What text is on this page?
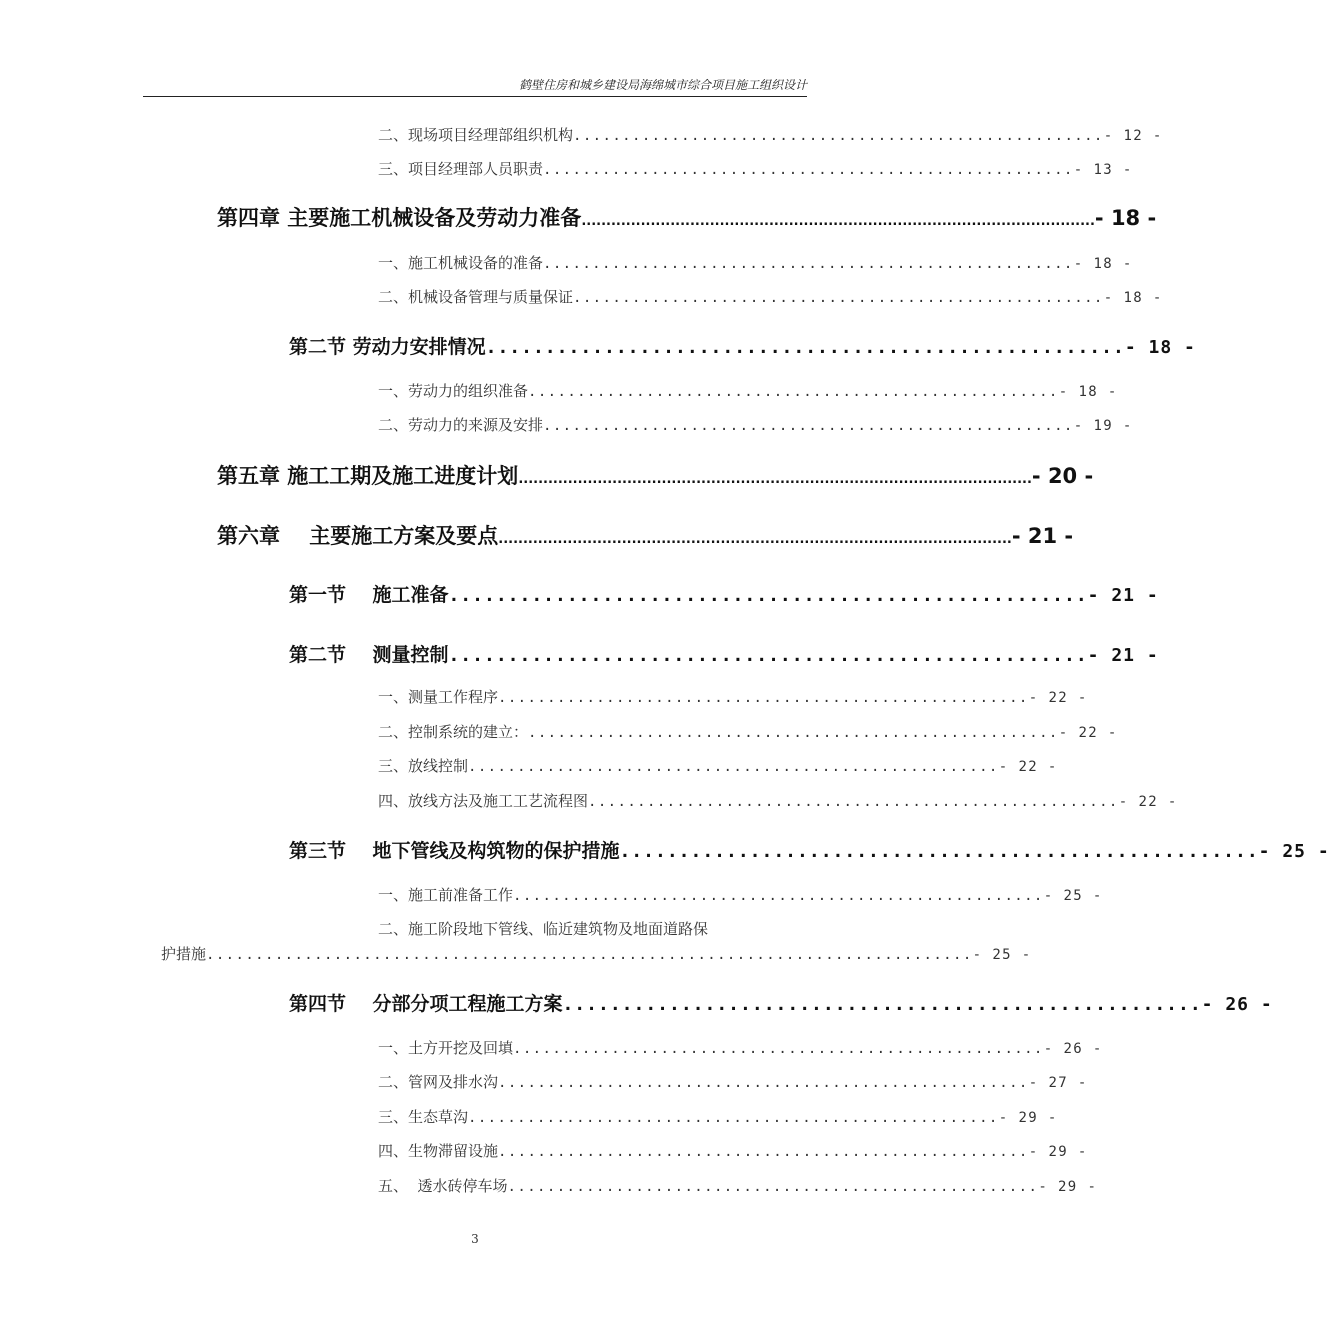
鹤壁住房和城乡建设局海绵城市综合项目施工组织设计
二、现场项目经理部组织机构 ...................................................... - 12 -
三、项目经理部人员职责 ...................................................... - 13 -
第四章 主要施工机械设备及劳动力准备 ........................................................................................................ - 18 -
一、施工机械设备的准备 ...................................................... - 18 -
二、机械设备管理与质量保证 ...................................................... - 18 -
第二节 劳动力安排情况 ...................................................... - 18 -
一、劳动力的组织准备 ...................................................... - 18 -
二、劳动力的来源及安排 ...................................................... - 19 -
第五章 施工工期及施工进度计划 ........................................................................................................ - 20 -
第六章    主要施工方案及要点 ........................................................................................................ - 21 -
第一节    施工准备 ...................................................... - 21 -
第二节    测量控制 ...................................................... - 21 -
一、测量工作程序 ...................................................... - 22 -
二、控制系统的建立： ...................................................... - 22 -
三、放线控制 ...................................................... - 22 -
四、放线方法及施工工艺流程图 ...................................................... - 22 -
第三节    地下管线及构筑物的保护措施 ...................................................... - 25 -
一、施工前准备工作 ...................................................... - 25 -
二、施工阶段地下管线、临近建筑物及地面道路保
护措施 .............................................................................. - 25 -
第四节    分部分项工程施工方案 ...................................................... - 26 -
一、土方开挖及回填 ...................................................... - 26 -
二、管网及排水沟 ...................................................... - 27 -
三、生态草沟 ...................................................... - 29 -
四、生物滞留设施 ...................................................... - 29 -
五、  透水砖停车场 ...................................................... - 29 -
3
